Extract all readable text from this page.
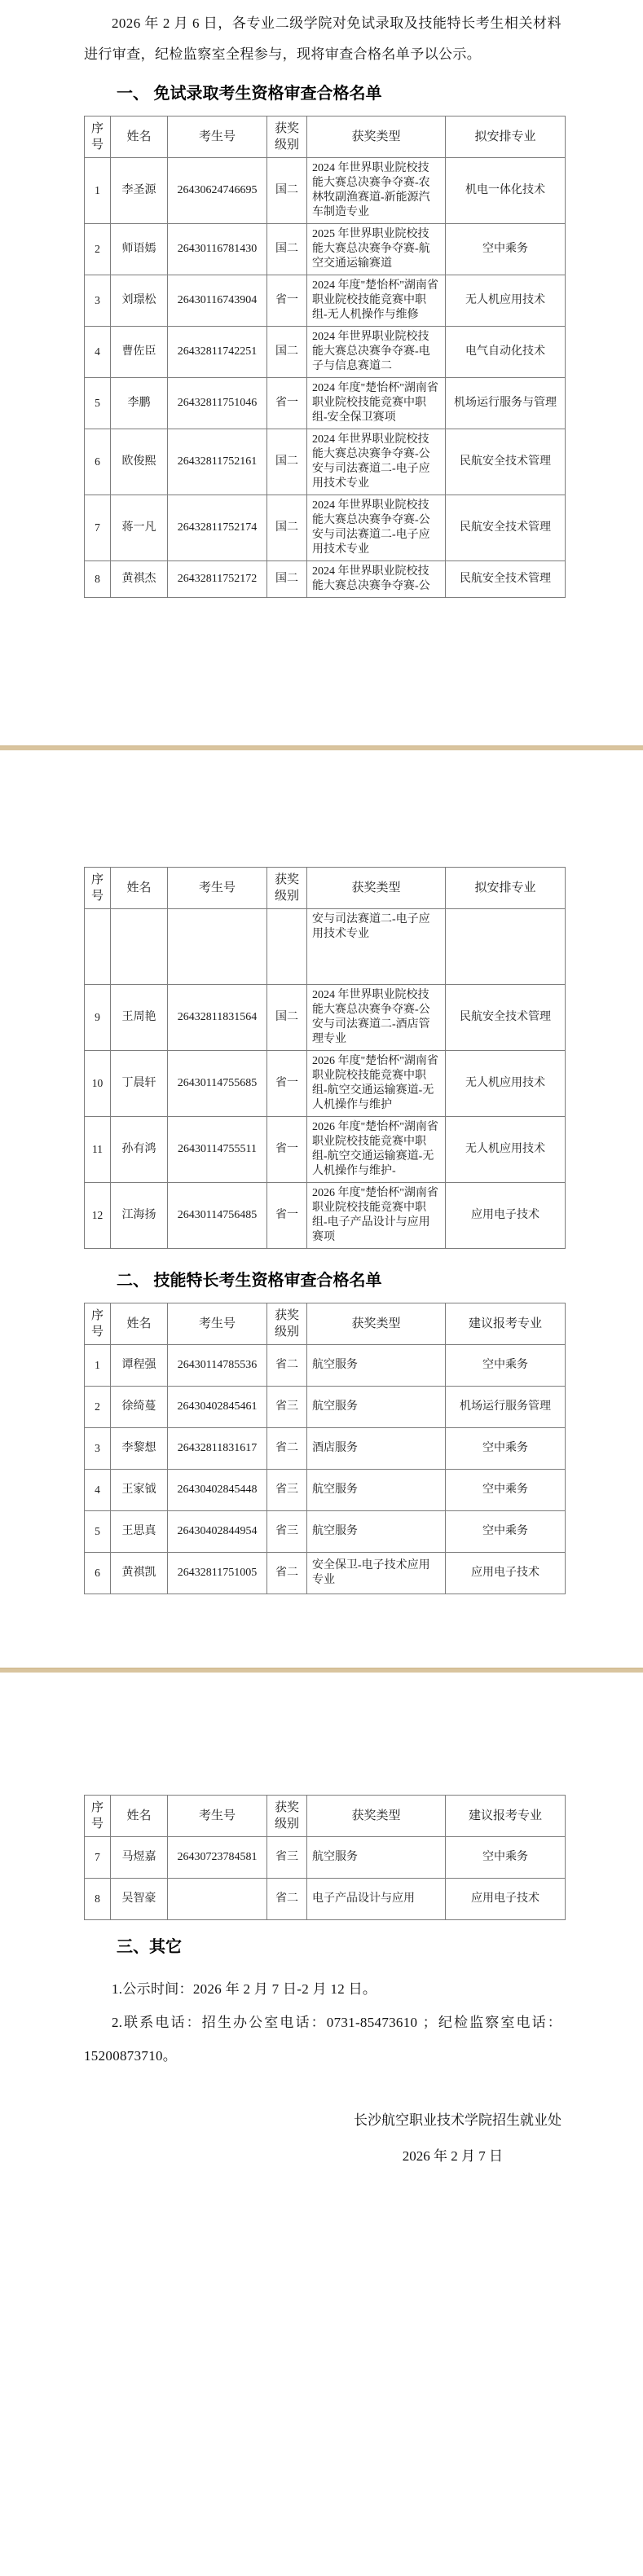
2026 年 2 月 6 日，各专业二级学院对免试录取及技能特长考生相关材料进行审查，纪检监察室全程参与，现将审查合格名单予以公示。

一、 免试录取考生资格审查合格名单
序号	姓名	考生号	获奖级别	获奖类型	拟安排专业
1	李圣源	26430624746695	国二	2024 年世界职业院校技能大赛总决赛争夺赛-农林牧副渔赛道-新能源汽车制造专业	机电一体化技术
2	师语嫣	26430116781430	国二	2025 年世界职业院校技能大赛总决赛争夺赛-航空交通运输赛道	空中乘务
3	刘璟松	26430116743904	省一	2024 年度"楚怡杯"湖南省职业院校技能竞赛中职组-无人机操作与维修	无人机应用技术
4	曹佐臣	26432811742251	国二	2024 年世界职业院校技能大赛总决赛争夺赛-电子与信息赛道二	电气自动化技术
5	李鹏	26432811751046	省一	2024 年度"楚怡杯"湖南省职业院校技能竞赛中职组-安全保卫赛项	机场运行服务与管理
6	欧俊熙	26432811752161	国二	2024 年世界职业院校技能大赛总决赛争夺赛-公安与司法赛道二-电子应用技术专业	民航安全技术管理
7	蒋一凡	26432811752174	国二	2024 年世界职业院校技能大赛总决赛争夺赛-公安与司法赛道二-电子应用技术专业	民航安全技术管理
8	黄祺杰	26432811752172	国二	2024 年世界职业院校技能大赛总决赛争夺赛-公	民航安全技术管理
序号	姓名	考生号	获奖级别	获奖类型	拟安排专业
				安与司法赛道二-电子应用技术专业	
9	王周艳	26432811831564	国二	2024 年世界职业院校技能大赛总决赛争夺赛-公安与司法赛道二-酒店管理专业	民航安全技术管理
10	丁晨轩	26430114755685	省一	2026 年度"楚怡杯"湖南省职业院校技能竞赛中职组-航空交通运输赛道-无人机操作与维护	无人机应用技术
11	孙有鸿	26430114755511	省一	2026 年度"楚怡杯"湖南省职业院校技能竞赛中职组-航空交通运输赛道-无人机操作与维护-	无人机应用技术
12	江海扬	26430114756485	省一	2026 年度"楚怡杯"湖南省职业院校技能竞赛中职组-电子产品设计与应用赛项	应用电子技术
二、 技能特长考生资格审查合格名单
序号	姓名	考生号	获奖级别	获奖类型	建议报考专业
1	谭程强	26430114785536	省二	航空服务	空中乘务
2	徐绮蔓	26430402845461	省三	航空服务	机场运行服务管理
3	李黎想	26432811831617	省二	酒店服务	空中乘务
4	王家钺	26430402845448	省三	航空服务	空中乘务
5	王思真	26430402844954	省三	航空服务	空中乘务
6	黄祺凯	26432811751005	省二	安全保卫-电子技术应用专业	应用电子技术
序号	姓名	考生号	获奖级别	获奖类型	建议报考专业
7	马煜嘉	26430723784581	省三	航空服务	空中乘务
8	吴智豪		省二	电子产品设计与应用	应用电子技术
三、其它

1.公示时间：2026 年 2 月 7 日-2 月 12 日。

2.联系电话：招生办公室电话：0731-85473610 ；纪检监察室电话：15200873710。

长沙航空职业技术学院招生就业处
2026 年 2 月 7 日
